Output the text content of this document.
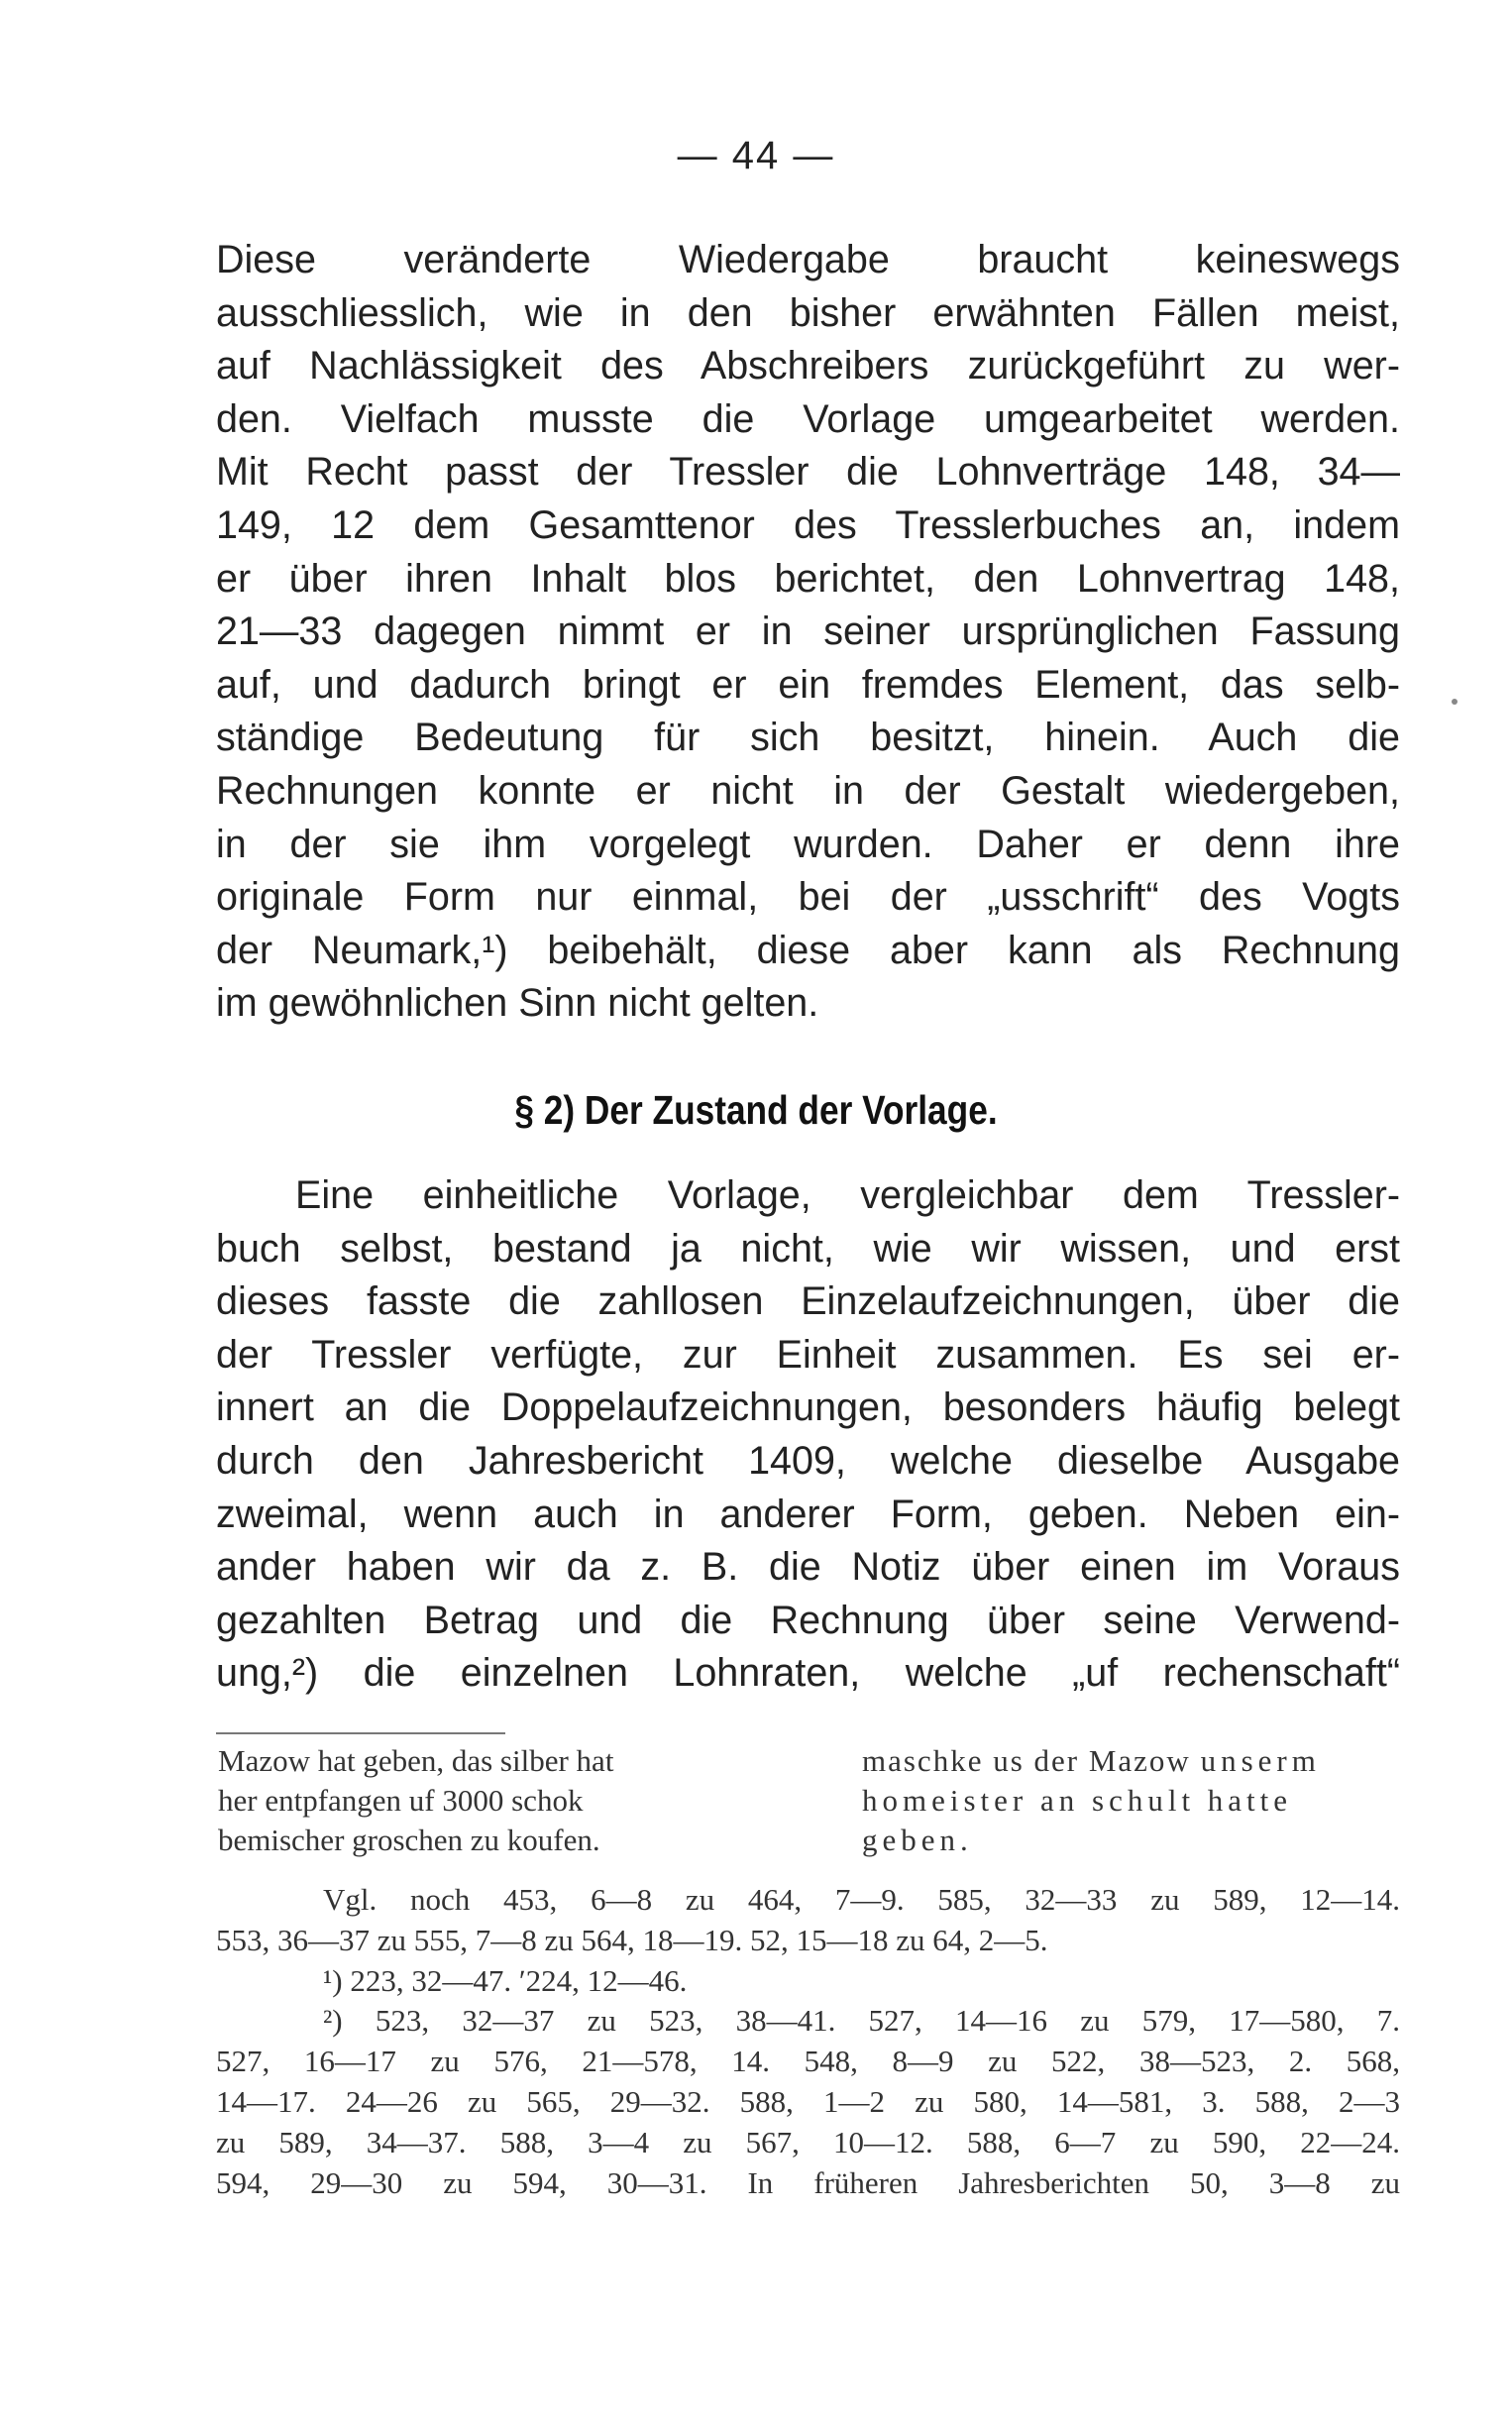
— 44 —
Diese veränderte Wiedergabe braucht keineswegs
ausschliesslich, wie in den bisher erwähnten Fällen meist,
auf Nachlässigkeit des Abschreibers zurückgeführt zu wer-
den. Vielfach musste die Vorlage umgearbeitet werden.
Mit Recht passt der Tressler die Lohnverträge 148, 34—
149, 12 dem Gesamttenor des Tresslerbuches an, indem
er über ihren Inhalt blos berichtet, den Lohnvertrag 148,
21—33 dagegen nimmt er in seiner ursprünglichen Fassung
auf, und dadurch bringt er ein fremdes Element, das selb-
ständige Bedeutung für sich besitzt, hinein. Auch die
Rechnungen konnte er nicht in der Gestalt wiedergeben,
in der sie ihm vorgelegt wurden. Daher er denn ihre
originale Form nur einmal, bei der „usschrift“ des Vogts
der Neumark,¹) beibehält, diese aber kann als Rechnung
im gewöhnlichen Sinn nicht gelten.
§ 2) Der Zustand der Vorlage.
Eine einheitliche Vorlage, vergleichbar dem Tressler-
buch selbst, bestand ja nicht, wie wir wissen, und erst
dieses fasste die zahllosen Einzelaufzeichnungen, über die
der Tressler verfügte, zur Einheit zusammen. Es sei er-
innert an die Doppelaufzeichnungen, besonders häufig belegt
durch den Jahresbericht 1409, welche dieselbe Ausgabe
zweimal, wenn auch in anderer Form, geben. Neben ein-
ander haben wir da z. B. die Notiz über einen im Voraus
gezahlten Betrag und die Rechnung über seine Verwend-
ung,²) die einzelnen Lohnraten, welche „uf rechenschaft“
Mazow hat geben, das silber hat
her entpfangen uf 3000 schok
bemischer groschen zu koufen.
maschke us der Mazow unserm
homeister an schult hatte
geben.
Vgl. noch 453, 6—8 zu 464, 7—9. 585, 32—33 zu 589, 12—14.
553, 36—37 zu 555, 7—8 zu 564, 18—19. 52, 15—18 zu 64, 2—5.
¹) 223, 32—47. ʹ224, 12—46.
²) 523, 32—37 zu 523, 38—41. 527, 14—16 zu 579, 17—580, 7.
527, 16—17 zu 576, 21—578, 14. 548, 8—9 zu 522, 38—523, 2. 568,
14—17. 24—26 zu 565, 29—32. 588, 1—2 zu 580, 14—581, 3. 588, 2—3
zu 589, 34—37. 588, 3—4 zu 567, 10—12. 588, 6—7 zu 590, 22—24.
594, 29—30 zu 594, 30—31. In früheren Jahresberichten 50, 3—8 zu
